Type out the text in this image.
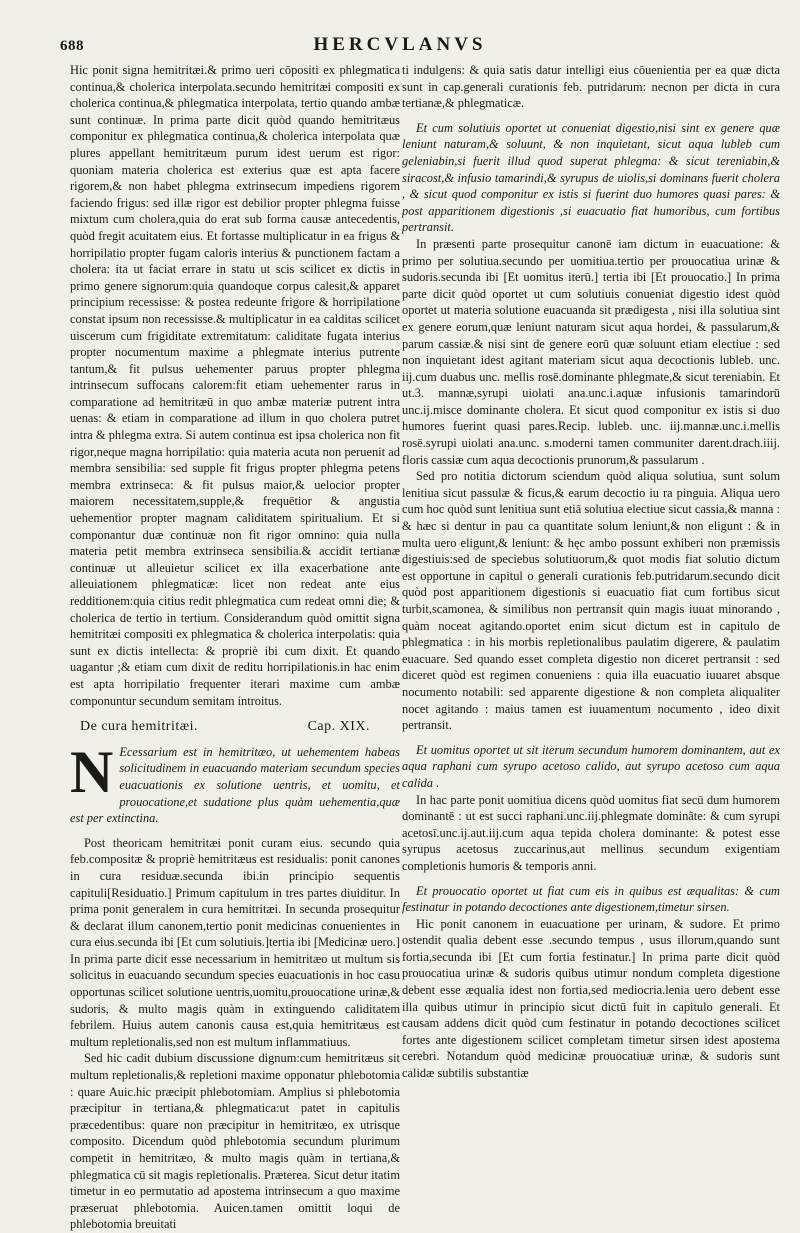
688	HERCVLANVS

Hic ponit signa hemitritæi.& primo ueri cōpositi ex phlegmatica continua,& cholerica interpolata.secundo hemitritæi compositi ex cholerica continua,& phlegmatica interpolata, tertio quando ambæ sunt continuæ. In prima parte dicit quòd quando hemitritæus componitur ex phlegmatica continua,& cholerica interpolata quæ plures appellant hemitritæum purum idest uerum est rigor: quoniam materia cholerica est exterius quæ est apta facere rigorem,& non habet phlegma extrinsecum impediens rigorem faciendo frigus: sed illæ rigor est debilior propter phlegma fuisse mixtum cum cholera,quia do erat sub forma causæ antecedentis, quòd fregit acuitatem eius. Et fortasse multiplicatur in ea frigus & horripilatio propter fugam caloris interius & punctionem factam a cholera: ita ut faciat errare in statu ut scis scilicet ex dictis in primo genere signorum:quia quandoque corpus calesit,& apparet principium recessisse: & postea redeunte frigore & horripilatione constat ipsum non recessisse.& multiplicatur in ea calditas scilicet uiscerum cum frigiditate extremitatum: caliditate fugata interius propter nocumentum maxime a phlegmate interius putrente tantum,& fit pulsus uehementer paruus propter phlegma intrinsecum suffocans calorem:fit etiam uehementer rarus in comparatione ad hemitritæū in quo ambæ materiæ putrent intra uenas: & etiam in comparatione ad illum in quo cholera putret intra & phlegma extra. Si autem continua est ipsa cholerica non fit rigor,neque magna horripilatio: quia materia acuta non peruenit ad membra sensibilia: sed supple fit frigus propter phlegma petens membra extrinseca: & fit pulsus maior,& uelocior propter maiorem necessitatem,supple,& frequētior & angustia uehementior propter magnam caliditatem spiritualium. Et si componantur duæ continuæ non fit rigor omnino: quia nulla materia petit membra extrinseca sensibilia.& accidit tertianæ continuæ ut alleuietur scilicet ex illa exacerbatione ante alleuiationem phlegmaticæ: licet non redeat ante eius redditionem:quia citius redit phlegmatica cum redeat omni die; & cholerica de tertio in tertium. Considerandum quòd omittit signa hemitritæi compositi ex phlegmatica & cholerica interpolatis: quia sunt ex dictis intellecta: & propriè ibi cum dixit. Et quando uagantur ;& etiam cum dixit de reditu horripilationis.in hac enim est apta horripilatio frequenter iterari maxime cum ambæ componuntur secundum semitam introitus.

De cura hemitritæi.	Cap. XIX.

N Ecessarium est in hemitritæo, ut uehementem habeas solicitudinem in euacuando materiam secundum species euacuationis ex solutione uentris, et uomitu, et prouocatione,et sudatione plus quàm uehementia,quæ est per extinctina.

Post theoricam hemitritæi ponit curam eius. secundo quia feb.compositæ & propriè hemitritæus est residualis: ponit canones in cura residuæ.secunda ibi.in principio sequentis capituli[Residuatio.] Primum capitulum in tres partes diuiditur. In prima ponit generalem in cura hemitritæi. In secunda prosequitur & declarat illum canonem,tertio ponit medicinas conuenientes in cura eius.secunda ibi [Et cum solutiuis.]tertia ibi [Medicinæ uero.] In prima parte dicit esse necessarium in hemitritæo ut multum sis solicitus in euacuando secundum species euacuationis in hoc casu opportunas scilicet solutione uentris,uomitu,prouocatione urinæ,& sudoris, & multo magis quàm in extinguendo caliditatem febrilem. Huius autem canonis causa est,quia hemitritæus est multum repletionalis,sed non est multum inflammatiuus.

Sed hic cadit dubium discussione dignum:cum hemitritæus sit multum repletionalis,& repletioni maxime opponatur phlebotomia : quare Auic.hic præcipit phlebotomiam. Amplius si phlebotomia præcipitur in tertiana,& phlegmatica:ut patet in capitulis præcedentibus: quare non præcipitur in hemitritæo, ex utrisque composito. Dicendum quòd phlebotomia secundum plurimum competit in hemitritæo, & multo magis quàm in tertiana,& phlegmatica cū sit magis repletionalis. Præterea. Sicut detur itatim timetur in eo permutatio ad apostema intrinsecum a quo maxime præseruat phlebotomia. Auicen.tamen omittit loqui de phlebotomia breuitati

ti indulgens: & quia satis datur intelligi eius cōuenientia per ea quæ dicta sunt in cap.generali curationis feb. putridarum: necnon per dicta in cura tertianæ,& phlegmaticæ.

Et cum solutiuis oportet ut conueniat digestio,nisi sint ex genere quæ leniunt naturam,& soluunt, & non inquietant, sicut aqua lubleb cum geleniabin,si fuerit illud quod superat phlegma: & sicut tereniabin,& siracost,& infusio tamarindi,& syrupus de uiolis,si dominans fuerit cholera , & sicut quod componitur ex istis si fuerint duo humores quasi pares: & post apparitionem digestionis ,si euacuatio fiat humoribus, cum fortibus pertransit.

In præsenti parte prosequitur canonē iam dictum in euacuatione: & primo per solutiua.secundo per uomitiua.tertio per prouocatiua urinæ & sudoris.secunda ibi [Et uomitus iterū.] tertia ibi [Et prouocatio.] In prima parte dicit quòd oportet ut cum solutiuis conueniat digestio idest quòd oportet ut materia solutione euacuanda sit prædigesta , nisi illa solutiua sint ex genere eorum,quæ leniunt naturam sicut aqua hordei, & passularum,& parum cassiæ.& nisi sint de genere eorū quæ soluunt etiam electiue : sed non inquietant idest agitant materiam sicut aqua decoctionis lubleb. unc. iij.cum duabus unc. mellis rosē.dominante phlegmate,& sicut tereniabin. Et ut.3. mannæ,syrupi uiolati ana.unc.i.aquæ infusionis tamarindorū unc.ij.misce dominante cholera. Et sicut quod componitur ex istis si duo humores fuerint quasi pares.Recip. lubleb. unc. iij.mannæ.unc.i.mellis rosē.syrupi uiolati ana.unc. s.moderni tamen communiter darent.drach.iiij. floris cassiæ cum aqua decoctionis prunorum,& passularum .

Sed pro notitia dictorum sciendum quòd aliqua solutiua, sunt solum lenitiua sicut passulæ & ficus,& earum decoctio iu ra pinguia. Aliqua uero cum hoc quòd sunt lenitiua sunt etiā solutiua electiue sicut cassia,& manna : & hæc si dentur in pau ca quantitate solum leniunt,& non eligunt : & in multa uero eligunt,& leniunt: & hęc ambo possunt exhiberi non præmissis digestiuis:sed de speciebus solutiuorum,& quot modis fiat solutio dictum est opportune in capitul o generali curationis feb.putridarum.secundo dicit quòd post apparitionem digestionis si euacuatio fiat cum fortibus sicut turbit,scamonea, & similibus non pertransit quin magis iuuat minorando , quàm noceat agitando.oportet enim sicut dictum est in capitulo de phlegmatica : in his morbis repletionalibus paulatim digerere, & paulatim euacuare. Sed quando esset completa digestio non diceret pertransit : sed diceret quòd est regimen conueniens : quia illa euacuatio iuuaret absque nocumento notabili: sed apparente digestione & non completa aliqualiter nocet agitando : maius tamen est iuuamentum nocumento , ideo dixit pertransit.

Et uomitus oportet ut sit iterum secundum humorem dominantem, aut ex aqua raphani cum syrupo acetoso calido, aut syrupo acetoso cum aqua calida .

In hac parte ponit uomitiua dicens quòd uomitus fiat secū dum humorem dominantē : ut est succi raphani.unc.iij.phlegmate dominãte: & cum syrupi acetosī.unc.ij.aut.iij.cum aqua tepida cholera dominante: & potest esse syrupus acetosus zuccarinus,aut mellinus secundum exigentiam completionis humoris & temporis anni.

Et prouocatio oportet ut fiat cum eis in quibus est æqualitas: & cum festinatur in potando decoctiones ante digestionem,timetur sirsen.

Hic ponit canonem in euacuatione per urinam, & sudore. Et primo ostendit qualia debent esse .secundo tempus , usus illorum,quando sunt fortia,secunda ibi [Et cum fortia festinatur.] In prima parte dicit quòd prouocatiua urinæ & sudoris quibus utimur nondum completa digestione debent esse æqualia idest non fortia,sed mediocria.lenia uero debent esse illa quibus utimur in principio sicut dictū fuit in capitulo generali. Et causam addens dicit quòd cum festinatur in potando decoctiones scilicet fortes ante digestionem scilicet completam timetur sirsen idest apostema cerebri. Notandum quòd medicinæ prouocatiuæ urinæ, & sudoris sunt calidæ subtilis substantiæ
